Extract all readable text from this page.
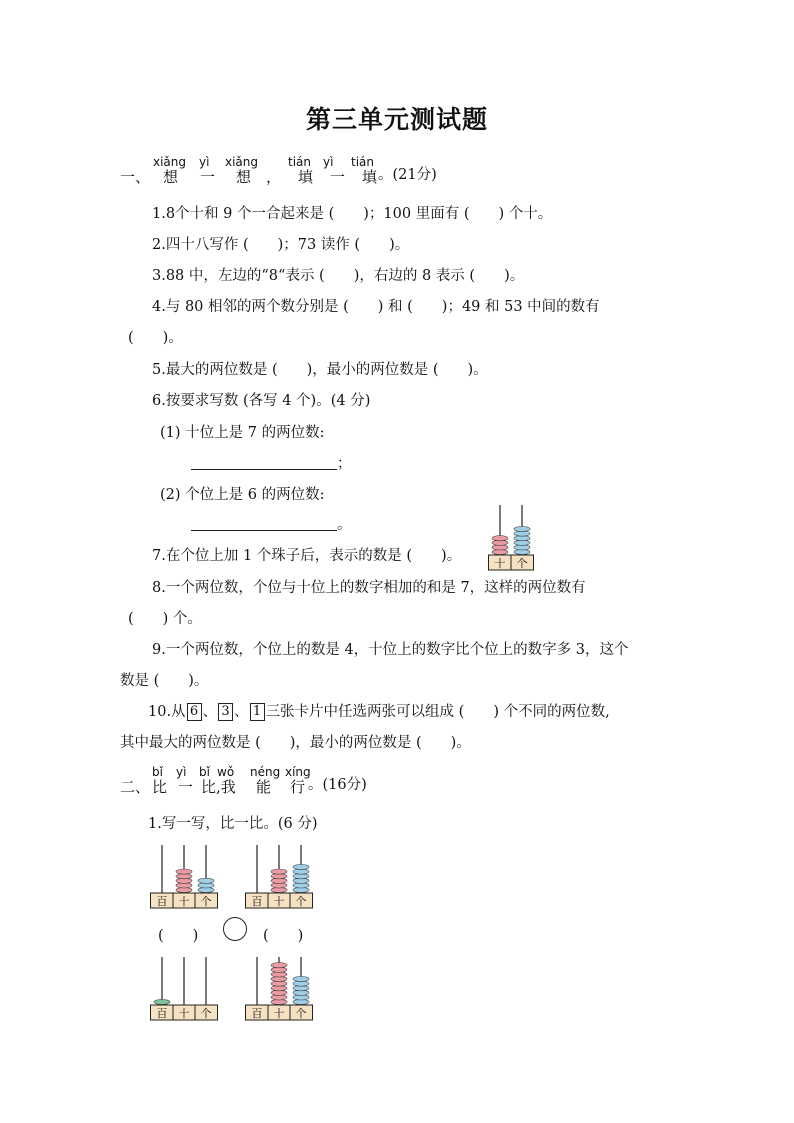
第三单元测试题
一、
xiǎng yì xiǎng tián yì tián
想 一 想 ， 填 一 填 。(21分)
1.8个十和 9 个一合起来是 (　　)；100 里面有 (　　) 个十。
2.四十八写作 (　　)；73 读作 (　　)。
3.88 中，左边的“8“表示 (　　)，右边的 8 表示 (　　)。
4.与 80 相邻的两个数分别是 (　　) 和 (　　)；49 和 53 中间的数有
(　　)。
5.最大的两位数是 (　　)，最小的两位数是 (　　)。
6.按要求写数 (各写 4 个)。(4 分)
(1) 十位上是 7 的两位数:
；
(2) 个位上是 6 的两位数:
。
7.在个位上加 1 个珠子后，表示的数是 (　　)。	十 个
8.一个两位数，个位与十位上的数字相加的和是 7，这样的两位数有
(　　) 个。
9.一个两位数，个位上的数是 4，十位上的数字比个位上的数字多 3，这个
数是 (　　)。
10.从 6 、 3 、 1 三张卡片中任选两张可以组成 (　　) 个不同的两位数,
其中最大的两位数是 (　　)，最小的两位数是 (　　)。
二、
bǐ yì bǐ wǒ néng xíng
比 一 比,我 能 行 。(16分)
1.写一写，比一比。(6 分)
百 十 个	百 十 个
(　　)	(　　)
百 十 个	百 十 个
